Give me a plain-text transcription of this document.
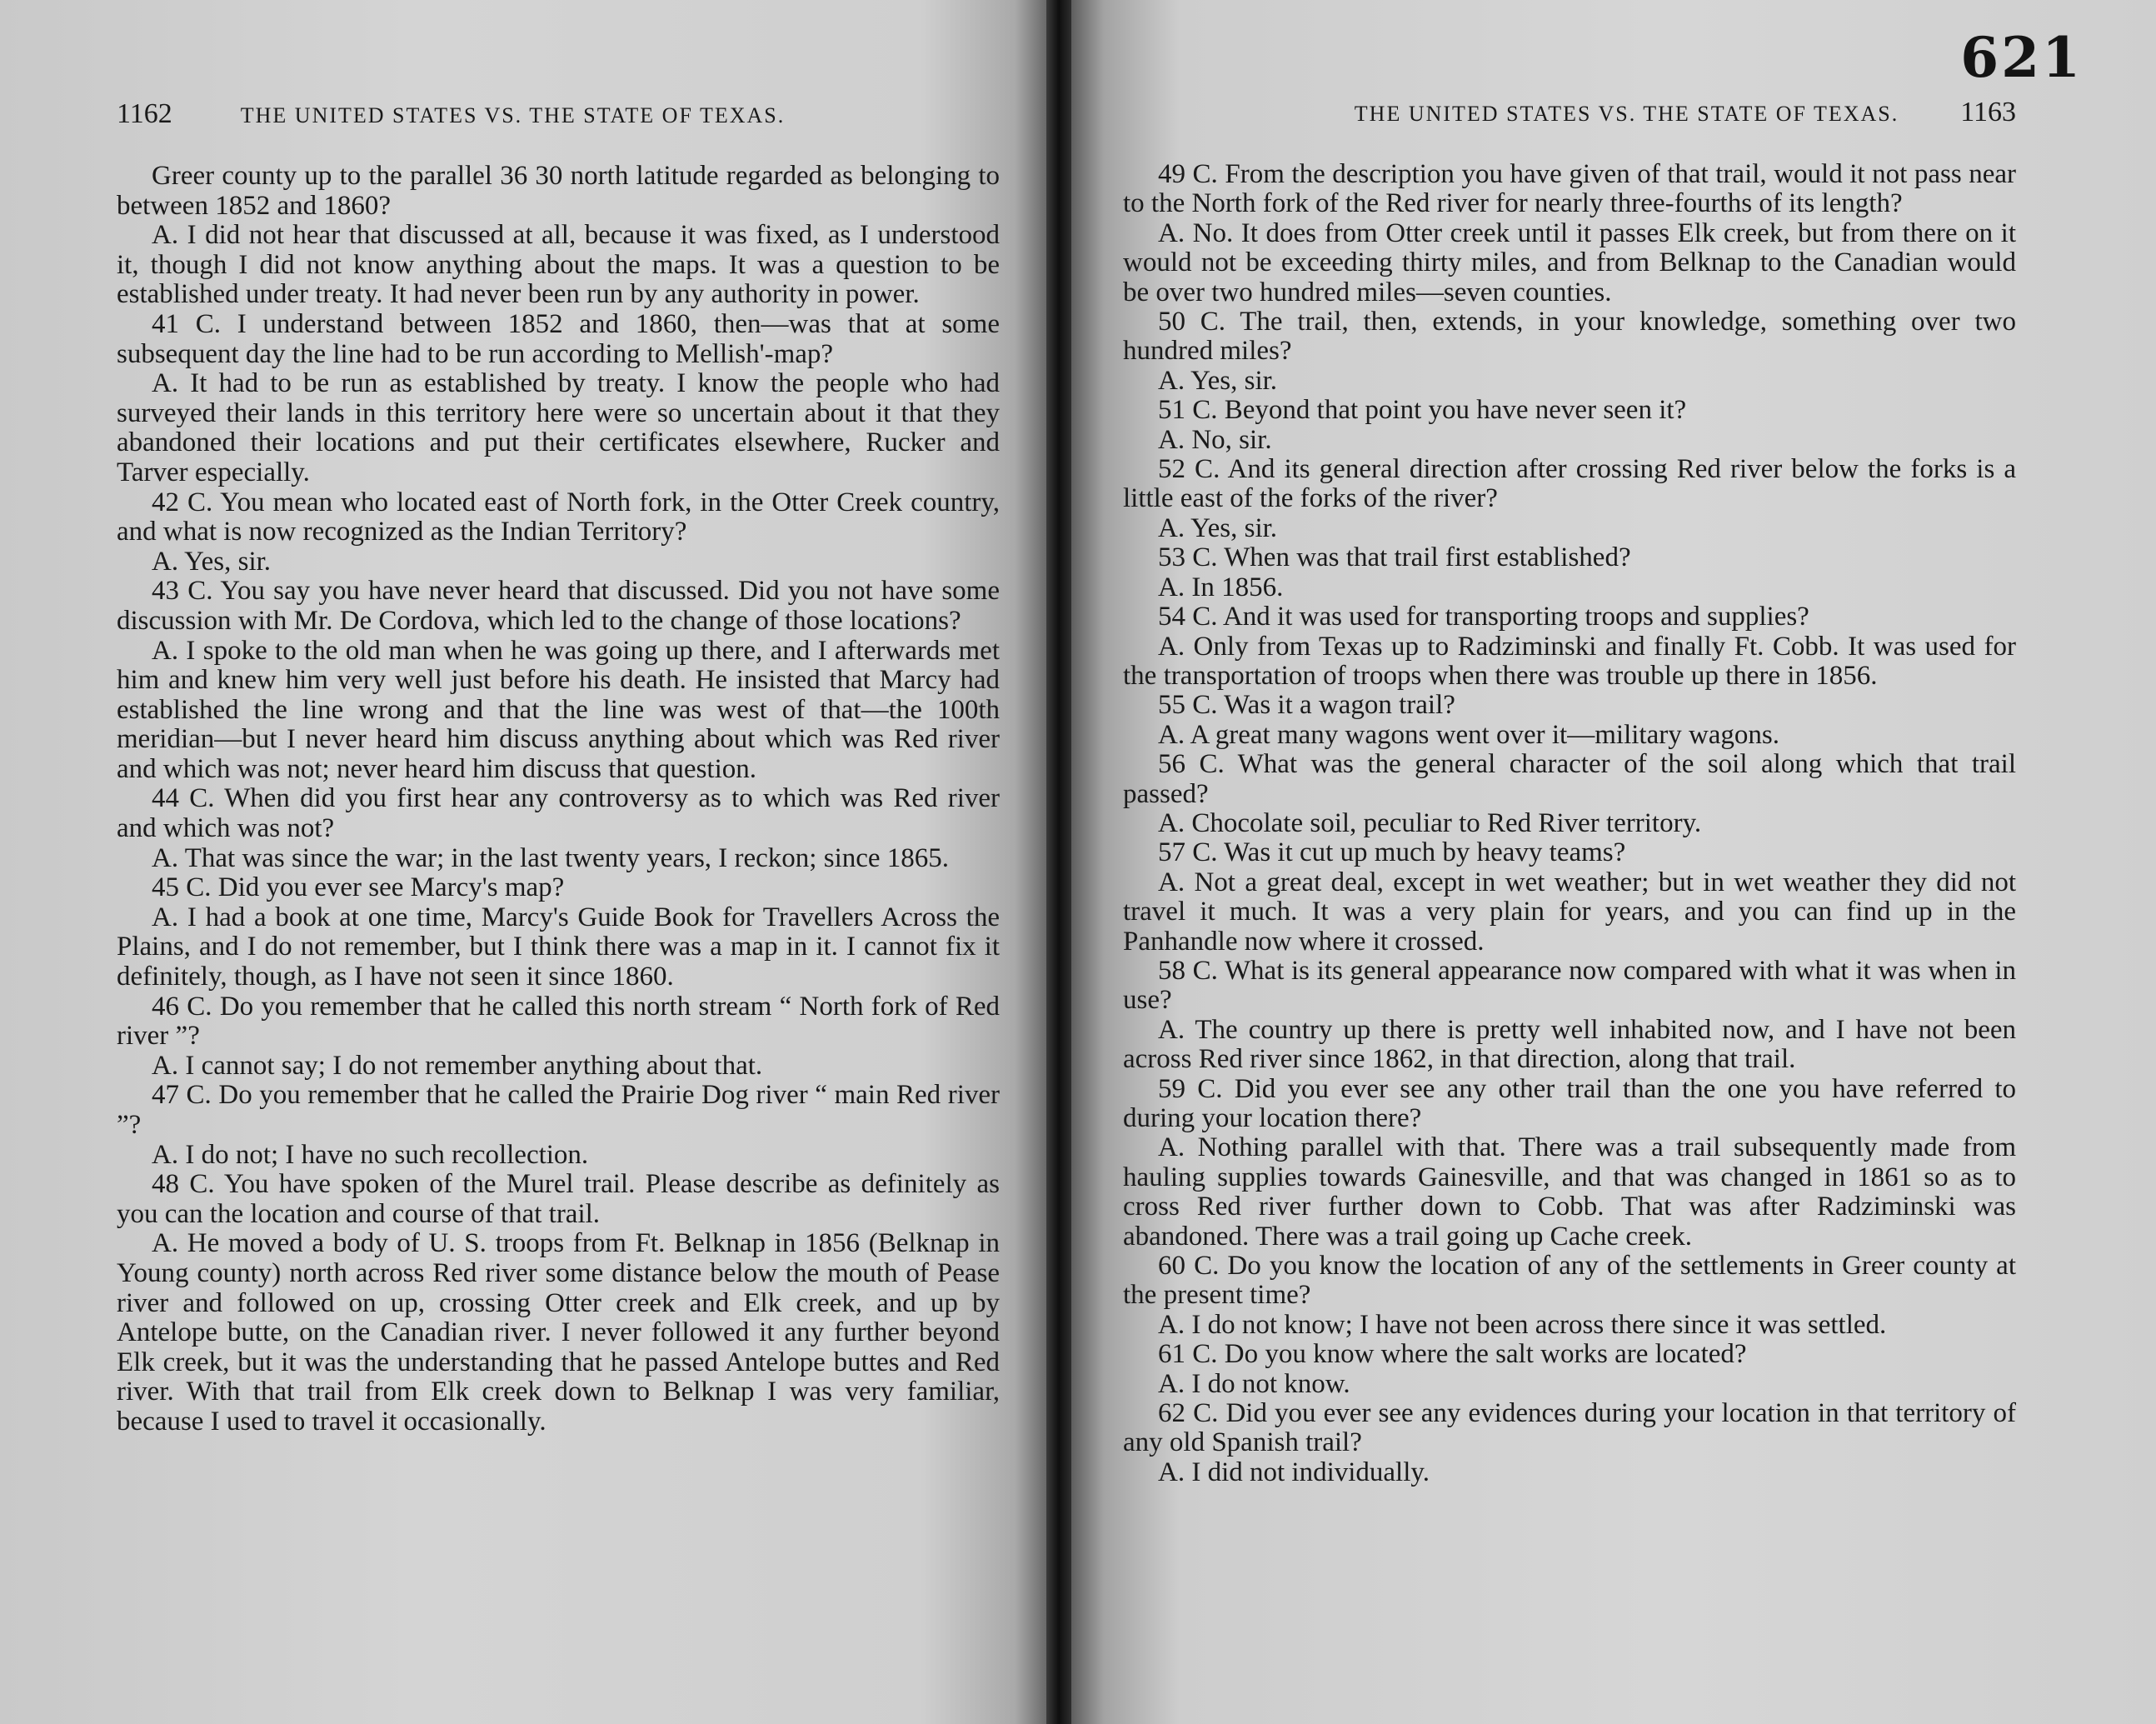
1162	THE UNITED STATES VS. THE STATE OF TEXAS.

Greer county up to the parallel 36 30 north latitude regarded as belonging to between 1852 and 1860?

A. I did not hear that discussed at all, because it was fixed, as I understood it, though I did not know anything about the maps. It was a question to be established under treaty. It had never been run by any authority in power.

41 C. I understand between 1852 and 1860, then—was that at some subsequent day the line had to be run according to Mellish'-map?

A. It had to be run as established by treaty. I know the people who had surveyed their lands in this territory here were so uncertain about it that they abandoned their locations and put their certificates elsewhere, Rucker and Tarver especially.

42 C. You mean who located east of North fork, in the Otter Creek country, and what is now recognized as the Indian Territory?

A. Yes, sir.

43 C. You say you have never heard that discussed. Did you not have some discussion with Mr. De Cordova, which led to the change of those locations?

A. I spoke to the old man when he was going up there, and I afterwards met him and knew him very well just before his death. He insisted that Marcy had established the line wrong and that the line was west of that—the 100th meridian—but I never heard him discuss anything about which was Red river and which was not; never heard him discuss that question.

44 C. When did you first hear any controversy as to which was Red river and which was not?

A. That was since the war; in the last twenty years, I reckon; since 1865.

45 C. Did you ever see Marcy's map?

A. I had a book at one time, Marcy's Guide Book for Travellers Across the Plains, and I do not remember, but I think there was a map in it. I cannot fix it definitely, though, as I have not seen it since 1860.

46 C. Do you remember that he called this north stream “ North fork of Red river ”?

A. I cannot say; I do not remember anything about that.

47 C. Do you remember that he called the Prairie Dog river “ main Red river ”?

A. I do not; I have no such recollection.

48 C. You have spoken of the Murel trail. Please describe as definitely as you can the location and course of that trail.

A. He moved a body of U. S. troops from Ft. Belknap in 1856 (Belknap in Young county) north across Red river some distance below the mouth of Pease river and followed on up, crossing Otter creek and Elk creek, and up by Antelope butte, on the Canadian river. I never followed it any further beyond Elk creek, but it was the understanding that he passed Antelope buttes and Red river. With that trail from Elk creek down to Belknap I was very familiar, because I used to travel it occasionally.

621
THE UNITED STATES VS. THE STATE OF TEXAS. 1163

49 C. From the description you have given of that trail, would it not pass near to the North fork of the Red river for nearly three-fourths of its length?

A. No. It does from Otter creek until it passes Elk creek, but from there on it would not be exceeding thirty miles, and from Belknap to the Canadian would be over two hundred miles—seven counties.

50 C. The trail, then, extends, in your knowledge, something over two hundred miles?

A. Yes, sir.

51 C. Beyond that point you have never seen it?

A. No, sir.

52 C. And its general direction after crossing Red river below the forks is a little east of the forks of the river?

A. Yes, sir.

53 C. When was that trail first established?

A. In 1856.

54 C. And it was used for transporting troops and supplies?

A. Only from Texas up to Radziminski and finally Ft. Cobb. It was used for the transportation of troops when there was trouble up there in 1856.

55 C. Was it a wagon trail?

A. A great many wagons went over it—military wagons.

56 C. What was the general character of the soil along which that trail passed?

A. Chocolate soil, peculiar to Red River territory.

57 C. Was it cut up much by heavy teams?

A. Not a great deal, except in wet weather; but in wet weather they did not travel it much. It was a very plain for years, and you can find up in the Panhandle now where it crossed.

58 C. What is its general appearance now compared with what it was when in use?

A. The country up there is pretty well inhabited now, and I have not been across Red river since 1862, in that direction, along that trail.

59 C. Did you ever see any other trail than the one you have referred to during your location there?

A. Nothing parallel with that. There was a trail subsequently made from hauling supplies towards Gainesville, and that was changed in 1861 so as to cross Red river further down to Cobb. That was after Radziminski was abandoned. There was a trail going up Cache creek.

60 C. Do you know the location of any of the settlements in Greer county at the present time?

A. I do not know; I have not been across there since it was settled.

61 C. Do you know where the salt works are located?

A. I do not know.

62 C. Did you ever see any evidences during your location in that territory of any old Spanish trail?

A. I did not individually.
